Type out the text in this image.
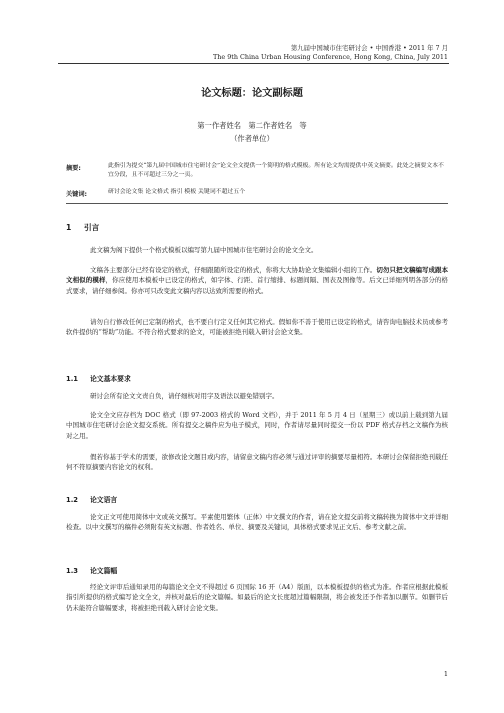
第九届中国城市住宅研讨会 • 中国香港 • 2011 年 7 月
The 9th China Urban Housing Conference, Hong Kong, China, July 2011
论文标题：论文副标题
第一作者姓名　第二作者姓名　等
（作者单位）
摘要:	此指引为提交“第九届中国城市住宅研讨会”论文全文提供一个简明的格式模板。所有论文均需提供中英文摘要。此处之摘要文本不宜分段，且不可超过三分之一页。
关键词:	研讨会论文集 论文格式 指引 模板 关键词不超过五个
1 引言
此文稿为阁下提供一个格式模板以编写第九届中国城市住宅研讨会的论文全文。
文稿各主要部分已经有设定的格式，仔细跟随所设定的格式，你将大大协助论文集编辑小组的工作。切勿只把文稿编写成跟本文相似的模样，你应使用本模板中已设定的格式，如字体、行距、首行缩排、标题间隔、图表及图像等。后文已详细列明各部分的格式要求，请仔细参阅。你亦可只改变此文稿内容以达致所需要的格式。
请勿自行修改任何已定制的格式，也不要自行定义任何其它格式。假如你不善于使用已设定的格式，请咨询电脑技术员或参考软件提供的“帮助”功能。不符合格式要求的论文，可能被拒绝刊载入研讨会论文集。
1.1 论文基本要求
研讨会所有论文文责自负，请仔细核对用字及语法以避免错别字。
论文全文应存档为 DOC 格式（即 97-2003 格式的 Word 文档），并于 2011 年 5 月 4 日（星期三）或以前上载到第九届中国城市住宅研讨会论文提交系统。所有提交之稿件应为电子模式，同时，作者请尽量同时提交一份以 PDF 格式存档之文稿作为核对之用。
假若你基于学术的需要，欲修改论文题目或内容，请留意文稿内容必须与通过评审的摘要尽量相符。本研讨会保留拒绝刊载任何不符原摘要内容论文的权利。
1.2 论文语言
论文正文可使用简体中文或英文撰写。平素使用繁体（正体）中文撰文的作者，请在论文提交前将文稿转换为简体中文并详细检查。以中文撰写的稿件必须附有英文标题、作者姓名、单位、摘要及关键词，具体格式要求见正文后、参考文献之前。
1.3 论文篇幅
经论文评审后通知录用的每篇论文全文不得超过 6 页国际 16 开（A4）版面，以本模板提供的格式为准。作者应根据此模板指引所提供的格式编写论文全文，并核对最后的论文篇幅。如最后的论文长度超过篇幅限制，将会被发还予作者加以删节。如删节后仍未能符合篇幅要求，将被拒绝刊载入研讨会论文集。
1
